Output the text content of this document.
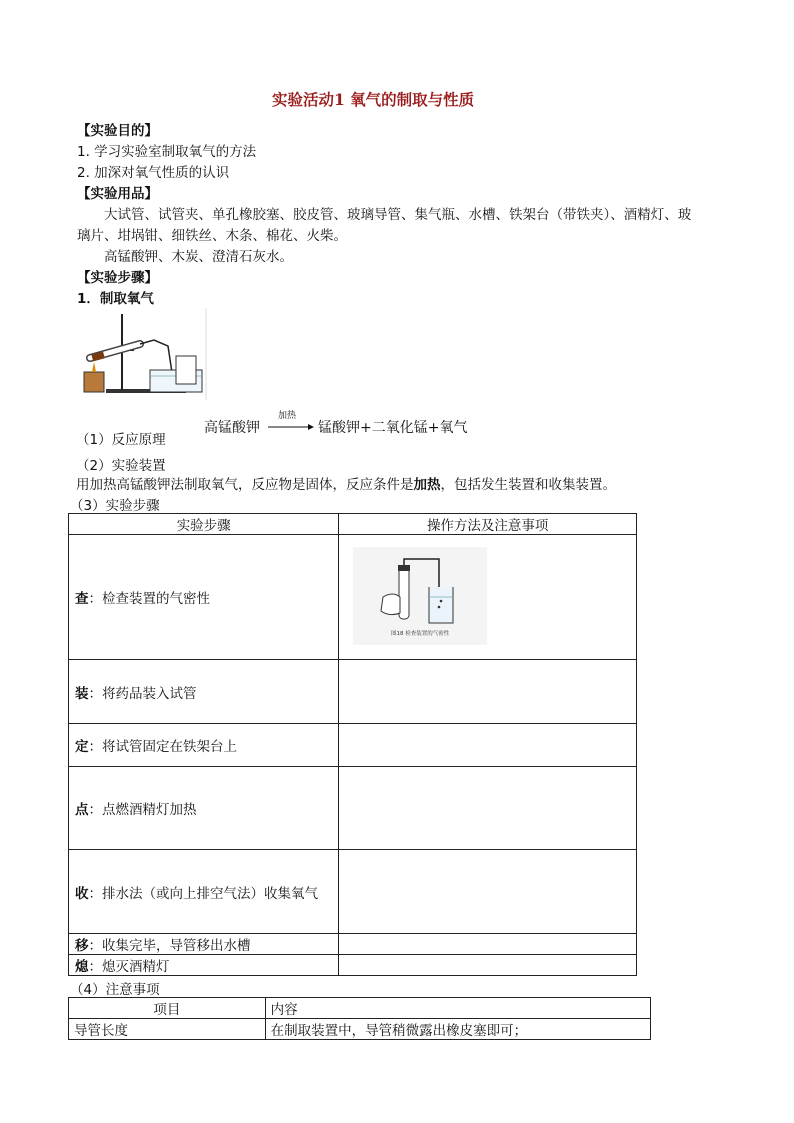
实验活动1 氧气的制取与性质
【实验目的】
1. 学习实验室制取氧气的方法
2. 加深对氧气性质的认识
【实验用品】
大试管、试管夹、单孔橡胶塞、胶皮管、玻璃导管、集气瓶、水槽、铁架台（带铁夹）、酒精灯、玻
璃片、坩埚钳、细铁丝、木条、棉花、火柴。
高锰酸钾、木炭、澄清石灰水。
【实验步骤】
1．制取氧气
高锰酸钾
加热
→ 锰酸钾+二氧化锰+氧气
（1）反应原理
（2）实验装置
用加热高锰酸钾法制取氧气，反应物是固体，反应条件是加热，包括发生装置和收集装置。
（3）实验步骤
实验步骤	操作方法及注意事项
查：检查装置的气密性	图18 检查装置的气密性

装：将药品装入试管	
定：将试管固定在铁架台上	
点：点燃酒精灯加热	
收：排水法（或向上排空气法）收集氧气	
移：收集完毕，导管移出水槽	
熄：熄灭酒精灯	
（4）注意事项
项目	内容
导管长度	在制取装置中，导管稍微露出橡皮塞即可；
